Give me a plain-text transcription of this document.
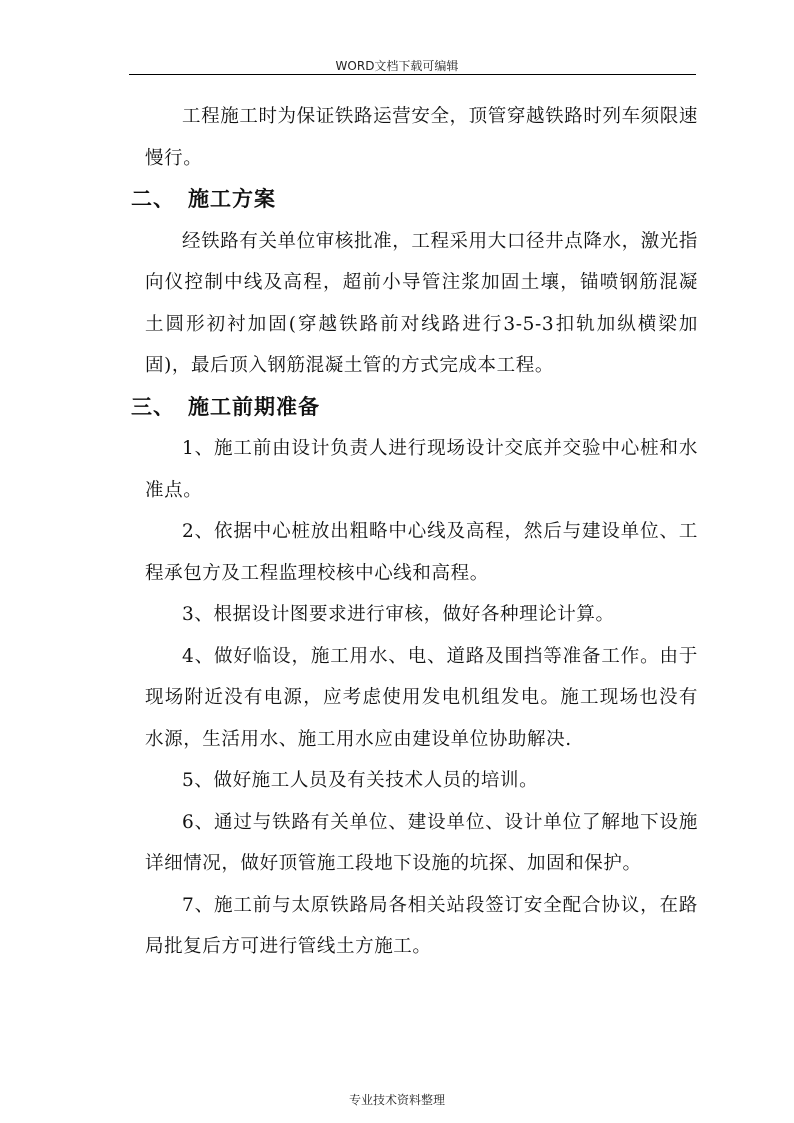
WORD文档下载可编辑

工程施工时为保证铁路运营安全，顶管穿越铁路时列车须限速慢行。

二、 施工方案

经铁路有关单位审核批准，工程采用大口径井点降水，激光指向仪控制中线及高程，超前小导管注浆加固土壤，锚喷钢筋混凝土圆形初衬加固(穿越铁路前对线路进行3-5-3扣轨加纵横梁加固)，最后顶入钢筋混凝土管的方式完成本工程。

三、 施工前期准备

1、施工前由设计负责人进行现场设计交底并交验中心桩和水准点。

2、依据中心桩放出粗略中心线及高程，然后与建设单位、工程承包方及工程监理校核中心线和高程。

3、根据设计图要求进行审核，做好各种理论计算。

4、做好临设，施工用水、电、道路及围挡等准备工作。由于现场附近没有电源，应考虑使用发电机组发电。施工现场也没有水源，生活用水、施工用水应由建设单位协助解决.

5、做好施工人员及有关技术人员的培训。

6、通过与铁路有关单位、建设单位、设计单位了解地下设施详细情况，做好顶管施工段地下设施的坑探、加固和保护。

7、施工前与太原铁路局各相关站段签订安全配合协议，在路局批复后方可进行管线土方施工。

专业技术资料整理
